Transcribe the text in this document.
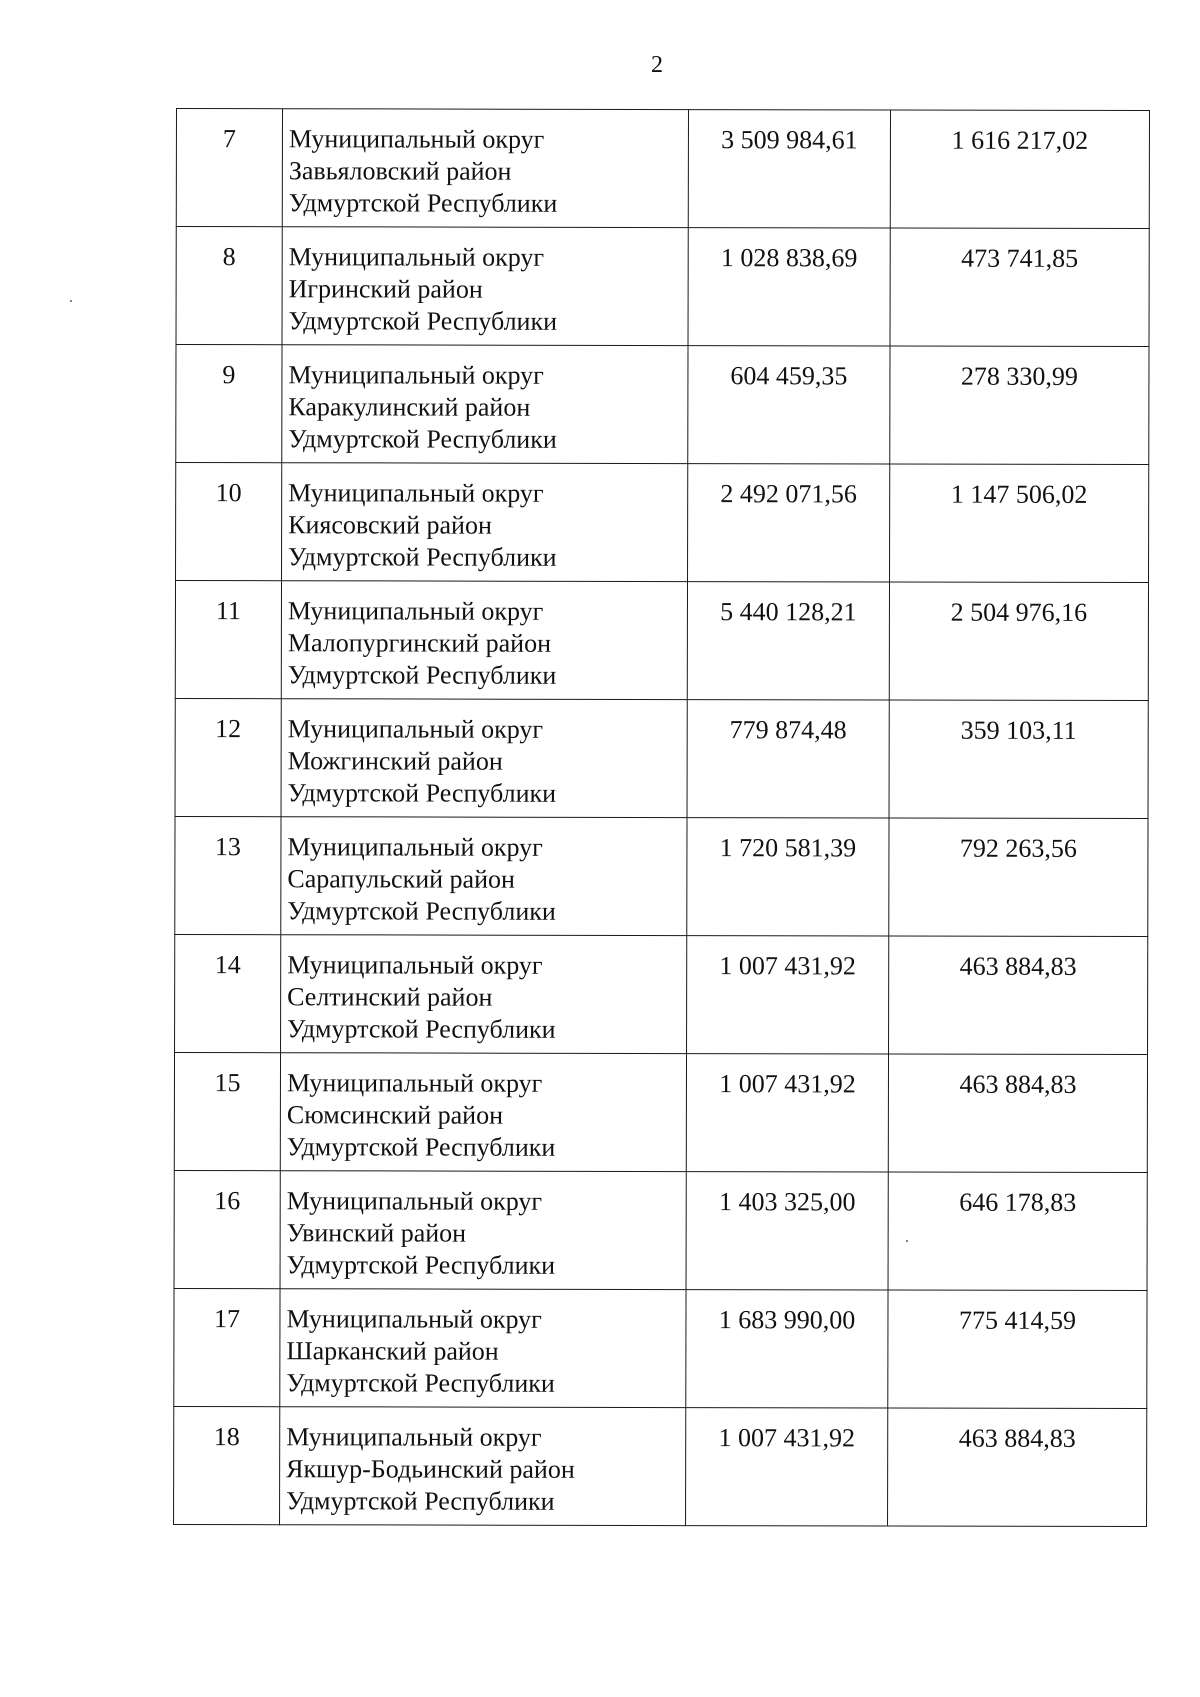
2
7	Муниципальный округ
Завьяловский район
Удмуртской Республики	3 509 984,61	1 616 217,02
8	Муниципальный округ
Игринский район
Удмуртской Республики	1 028 838,69	473 741,85
9	Муниципальный округ
Каракулинский район
Удмуртской Республики	604 459,35	278 330,99
10	Муниципальный округ
Киясовский район
Удмуртской Республики	2 492 071,56	1 147 506,02
11	Муниципальный округ
Малопургинский район
Удмуртской Республики	5 440 128,21	2 504 976,16
12	Муниципальный округ
Можгинский район
Удмуртской Республики	779 874,48	359 103,11
13	Муниципальный округ
Сарапульский район
Удмуртской Республики	1 720 581,39	792 263,56
14	Муниципальный округ
Селтинский район
Удмуртской Республики	1 007 431,92	463 884,83
15	Муниципальный округ
Сюмсинский район
Удмуртской Республики	1 007 431,92	463 884,83
16	Муниципальный округ
Увинский район
Удмуртской Республики	1 403 325,00	646 178,83
17	Муниципальный округ
Шарканский район
Удмуртской Республики	1 683 990,00	775 414,59
18	Муниципальный округ
Якшур-Бодьинский район
Удмуртской Республики	1 007 431,92	463 884,83
